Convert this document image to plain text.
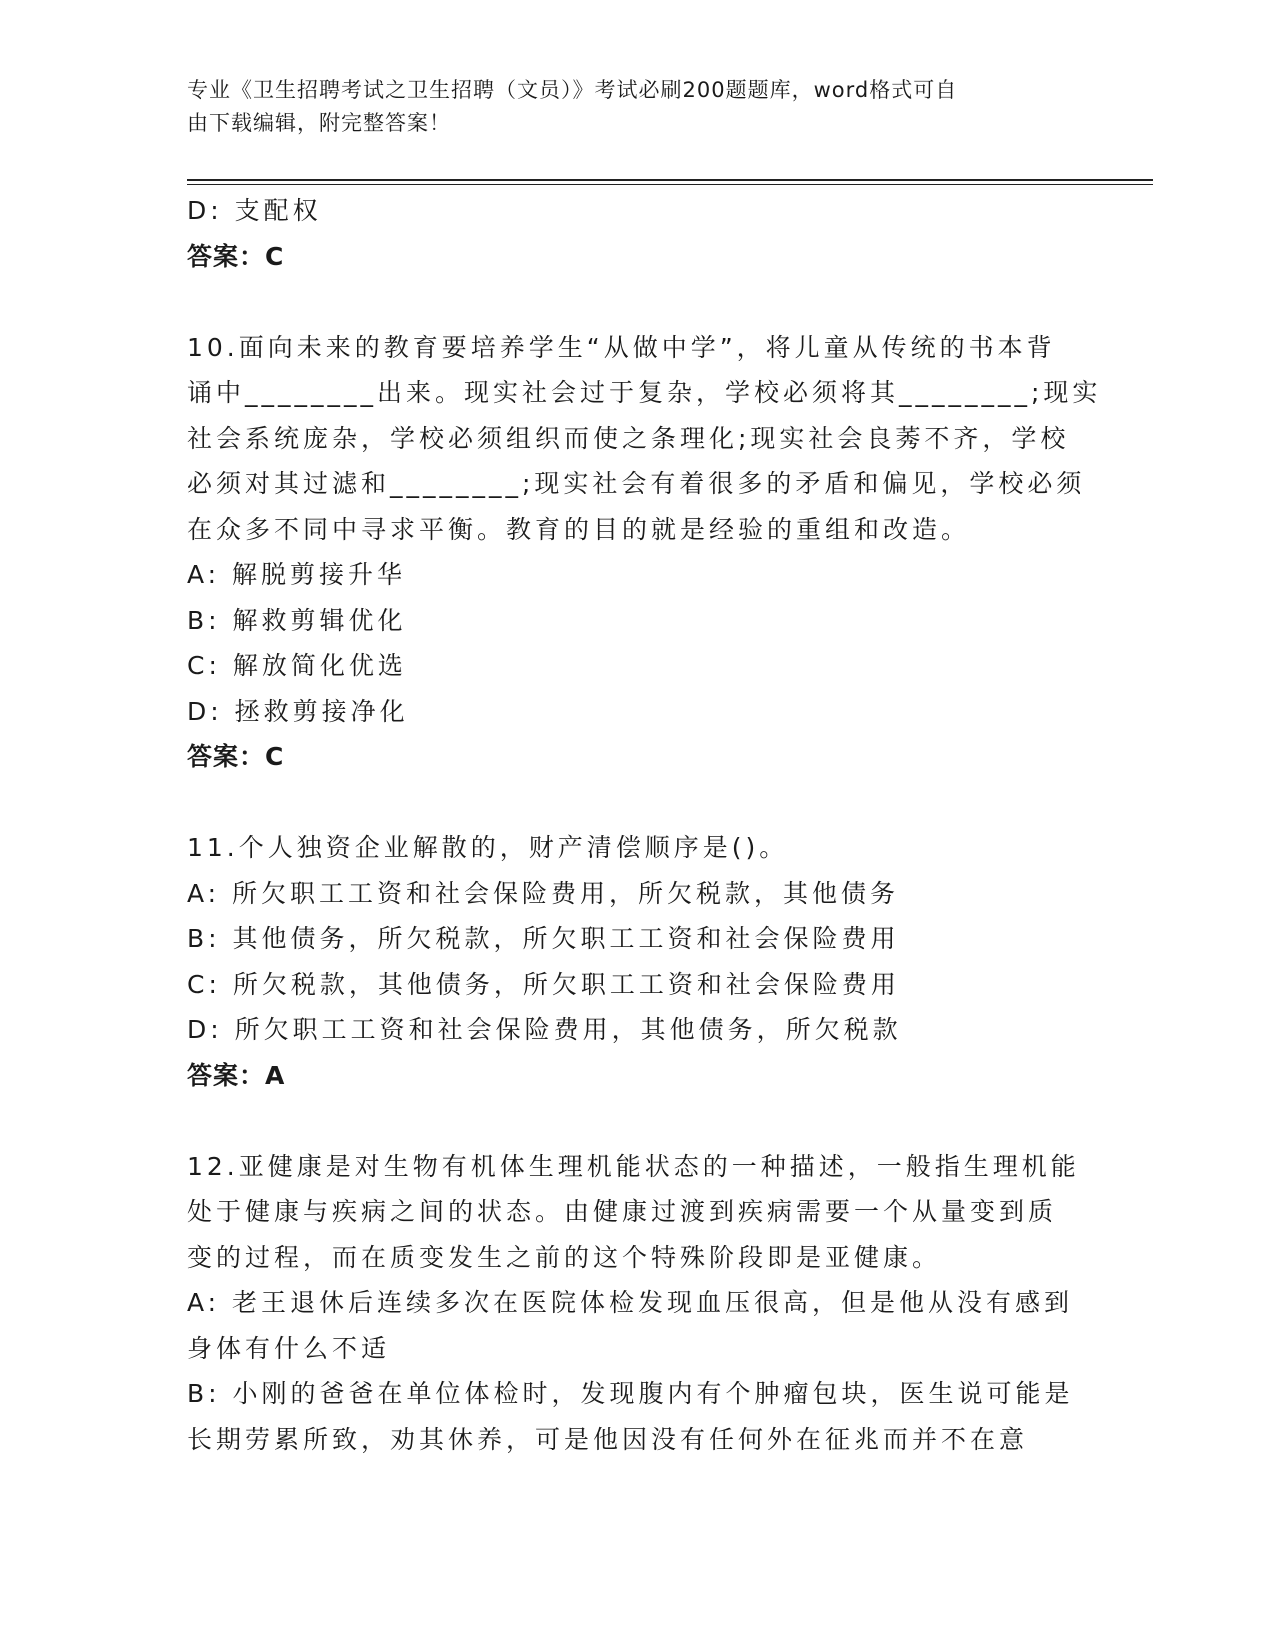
专业《卫生招聘考试之卫生招聘（文员）》考试必刷200题题库，word格式可自
由下载编辑，附完整答案！
D: 支配权
答案：C
10.面向未来的教育要培养学生“从做中学”，将儿童从传统的书本背
诵中________出来。现实社会过于复杂，学校必须将其________;现实
社会系统庞杂，学校必须组织而使之条理化;现实社会良莠不齐，学校
必须对其过滤和________;现实社会有着很多的矛盾和偏见，学校必须
在众多不同中寻求平衡。教育的目的就是经验的重组和改造。
A: 解脱剪接升华
B: 解救剪辑优化
C: 解放简化优选
D: 拯救剪接净化
答案：C
11.个人独资企业解散的，财产清偿顺序是()。
A: 所欠职工工资和社会保险费用，所欠税款，其他债务
B: 其他债务，所欠税款，所欠职工工资和社会保险费用
C: 所欠税款，其他债务，所欠职工工资和社会保险费用
D: 所欠职工工资和社会保险费用，其他债务，所欠税款
答案：A
12.亚健康是对生物有机体生理机能状态的一种描述，一般指生理机能
处于健康与疾病之间的状态。由健康过渡到疾病需要一个从量变到质
变的过程，而在质变发生之前的这个特殊阶段即是亚健康。
A: 老王退休后连续多次在医院体检发现血压很高，但是他从没有感到
身体有什么不适
B: 小刚的爸爸在单位体检时，发现腹内有个肿瘤包块，医生说可能是
长期劳累所致，劝其休养，可是他因没有任何外在征兆而并不在意
